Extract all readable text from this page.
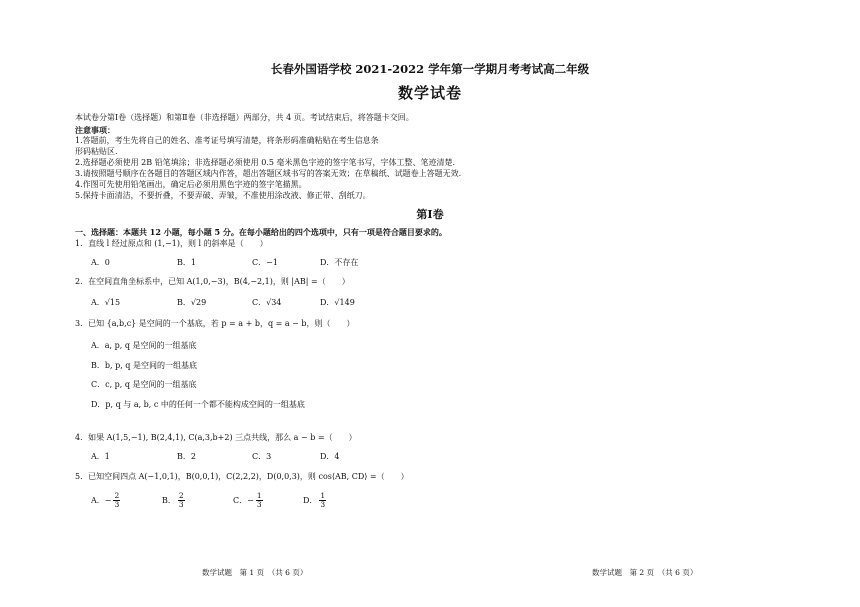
长春外国语学校 2021-2022 学年第一学期月考考试高二年级
数学试卷
本试卷分第Ⅰ卷（选择题）和第Ⅱ卷（非选择题）两部分，共 4 页。考试结束后，将答题卡交回。
注意事项：
1.答题前，考生先将自己的姓名、准考证号填写清楚，将条形码准确粘贴在考生信息条
形码粘贴区.
2.选择题必须使用 2B 铅笔填涂；非选择题必须使用 0.5 毫米黑色字迹的签字笔书写，字体工整、笔迹清楚.
3.请按照题号顺序在各题目的答题区域内作答，超出答题区域书写的答案无效；在草稿纸、试题卷上答题无效.
4.作图可先使用铅笔画出，确定后必须用黑色字迹的签字笔描黑。
5.保持卡面清洁，不要折叠，不要弄破、弄皱，不准使用涂改液、修正带、刮纸刀。
第Ⅰ卷
一、选择题：本题共 12 小题，每小题 5 分。在每小题给出的四个选项中，只有一项是符合题目要求的。
1．直线 l 经过原点和 (1,−1)，则 l 的斜率是（　　）
A．0	B．1	C．−1	D．不存在
2．在空间直角坐标系中，已知 A(1,0,−3)，B(4,−2,1)，则 |AB| =（　　）
A．√15	B．√29	C．√34	D．√149
3．已知 {a,b,c} 是空间的一个基底，若 p = a + b，q = a − b，则（　　）
A．a, p, q 是空间的一组基底
B．b, p, q 是空间的一组基底
C．c, p, q 是空间的一组基底
D．p, q 与 a, b, c 中的任何一个都不能构成空间的一组基底
4．如果 A(1,5,−1), B(2,4,1), C(a,3,b+2) 三点共线，那么 a − b =（　　）
A．1	B．2	C．3	D．4
5．已知空间四点 A(−1,0,1)，B(0,0,1)，C(2,2,2)，D(0,0,3)，则 cos⟨AB, CD⟩ =（　　）
A．− $\frac{2}{3}$	B． $\frac{2}{3}$	C．− $\frac{1}{3}$	D． $\frac{1}{3}$
数学试题　第 1 页　（共 6 页）	数学试题　第 2 页　（共 6 页）
